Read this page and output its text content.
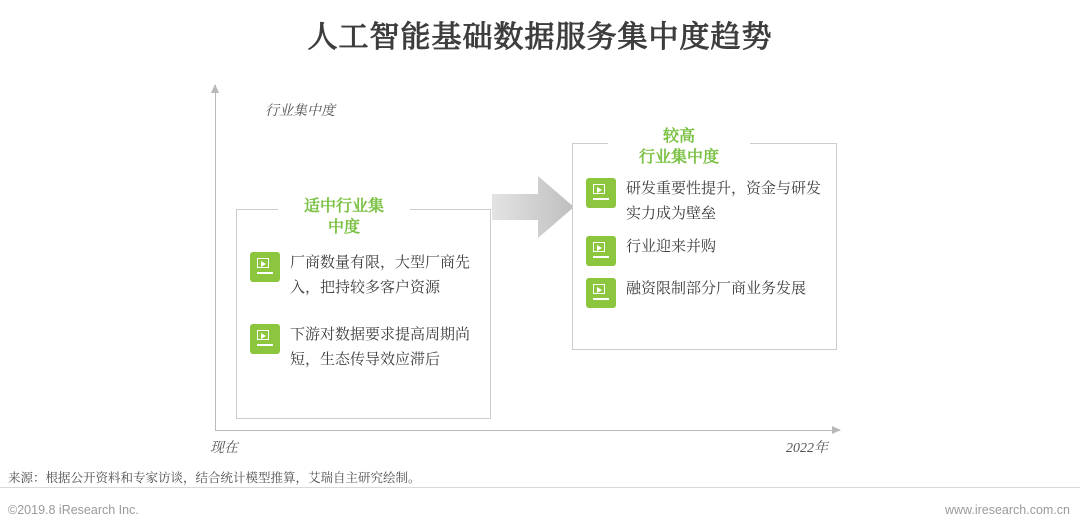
人工智能基础数据服务集中度趋势
行业集中度
现在	2022年
适中行业集
中度
厂商数量有限，大型厂商先入，把持较多客户资源
下游对数据要求提高周期尚短，生态传导效应滞后
较高
行业集中度
研发重要性提升，资金与研发实力成为壁垒
行业迎来并购
融资限制部分厂商业务发展
来源：根据公开资料和专家访谈，结合统计模型推算，艾瑞自主研究绘制。
©2019.8 iResearch Inc.	www.iresearch.com.cn
